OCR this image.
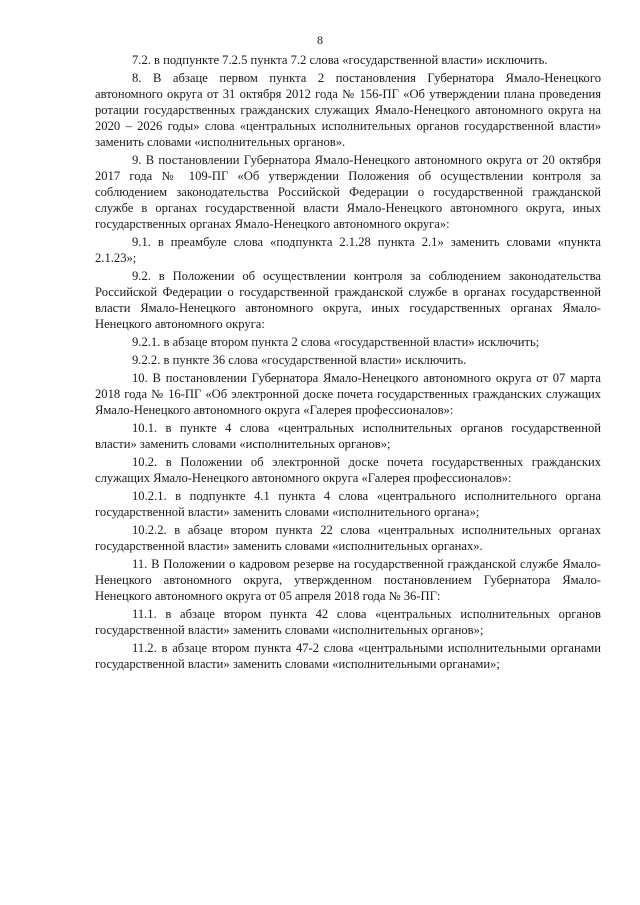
8

7.2. в подпункте 7.2.5 пункта 7.2 слова «государственной власти» исключить.

8. В абзаце первом пункта 2 постановления Губернатора Ямало-Ненецкого автономного округа от 31 октября 2012 года № 156-ПГ «Об утверждении плана проведения ротации государственных гражданских служащих Ямало-Ненецкого автономного округа на 2020 – 2026 годы» слова «центральных исполнительных органов государственной власти» заменить словами «исполнительных органов».

9. В постановлении Губернатора Ямало-Ненецкого автономного округа от 20 октября 2017 года № 109-ПГ «Об утверждении Положения об осуществлении контроля за соблюдением законодательства Российской Федерации о государственной гражданской службе в органах государственной власти Ямало-Ненецкого автономного округа, иных государственных органах Ямало-Ненецкого автономного округа»:

9.1. в преамбуле слова «подпункта 2.1.28 пункта 2.1» заменить словами «пункта 2.1.23»;

9.2. в Положении об осуществлении контроля за соблюдением законодательства Российской Федерации о государственной гражданской службе в органах государственной власти Ямало-Ненецкого автономного округа, иных государственных органах Ямало-Ненецкого автономного округа:

9.2.1. в абзаце втором пункта 2 слова «государственной власти» исключить;

9.2.2. в пункте 36 слова «государственной власти» исключить.

10. В постановлении Губернатора Ямало-Ненецкого автономного округа от 07 марта 2018 года № 16-ПГ «Об электронной доске почета государственных гражданских служащих Ямало-Ненецкого автономного округа «Галерея профессионалов»:

10.1. в пункте 4 слова «центральных исполнительных органов государственной власти» заменить словами «исполнительных органов»;

10.2. в Положении об электронной доске почета государственных гражданских служащих Ямало-Ненецкого автономного округа «Галерея профессионалов»:

10.2.1. в подпункте 4.1 пункта 4 слова «центрального исполнительного органа государственной власти» заменить словами «исполнительного органа»;

10.2.2. в абзаце втором пункта 22 слова «центральных исполнительных органах государственной власти» заменить словами «исполнительных органах».

11. В Положении о кадровом резерве на государственной гражданской службе Ямало-Ненецкого автономного округа, утвержденном постановлением Губернатора Ямало-Ненецкого автономного округа от 05 апреля 2018 года № 36-ПГ:

11.1. в абзаце втором пункта 42 слова «центральных исполнительных органов государственной власти» заменить словами «исполнительных органов»;

11.2. в абзаце втором пункта 47-2 слова «центральными исполнительными органами государственной власти» заменить словами «исполнительными органами»;
